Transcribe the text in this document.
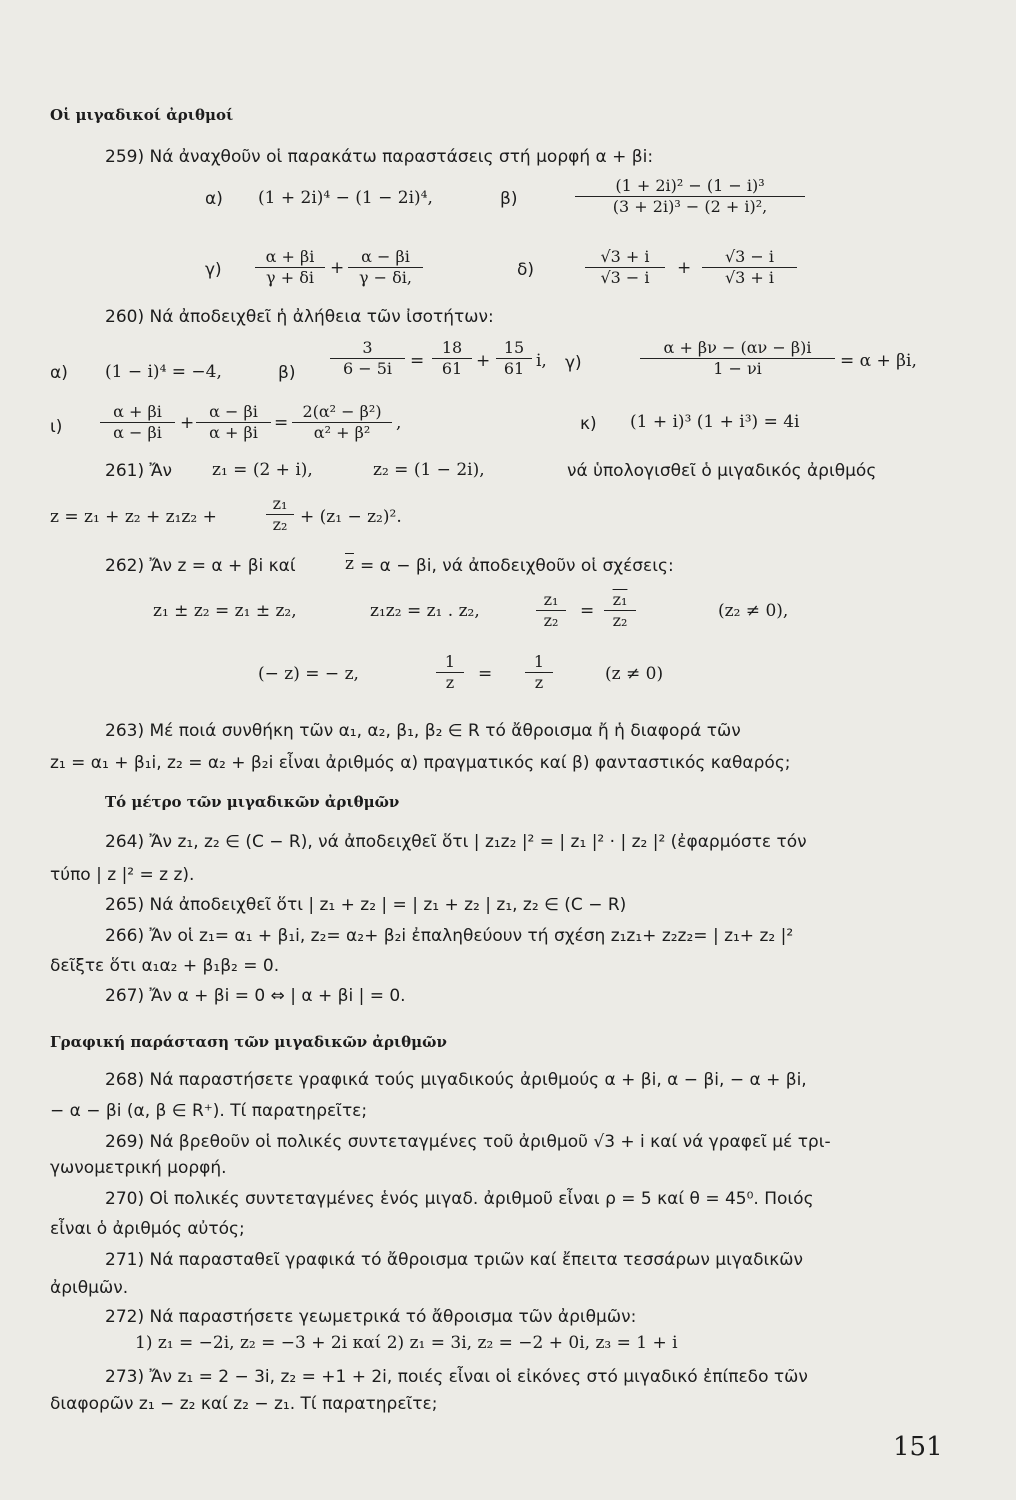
Οἱ μιγαδικοί ἀριθμοί
259) Νά ἀναχθοῦν οἱ παρακάτω παραστάσεις στή μορφή α + βi:
α) (1 + 2i)⁴ − (1 − 2i)⁴,	β)	$\frac{\text{(1 + 2i)² − (1 − i)³}}{\text{(3 + 2i)³ − (2 + i)²,}}$
$\gamma) \frac{\alpha + \beta i}{\gamma + \delta i} + \frac{\alpha - \beta i}{\gamma - \delta i,}$	δ)	$\frac{√3 + i}{√3 - i} + \frac{√3 - i}{√3 + i}$
260) Νά ἀποδειχθεῖ ἡ ἀλήθεια τῶν ἰσοτήτων:
α) (1 − i)⁴ = −4,	$\beta) \frac{3}{6 - 5i} = \frac{18}{61} + \frac{15}{61} i$, γ)	$\frac{\alpha + \beta\nu - (\alpha\nu - \beta)i}{1 - \nu i} = \alpha + \beta i$,
$\iota) \frac{\alpha + \beta i}{\alpha - \beta i} + \frac{\alpha - \beta i}{\alpha + \beta i} = \frac{\text{2(α² − β²)}}{\text{α² + β²}}$ ,	κ) (1 + i)³ (1 + i³) = 4i
261) Ἄν z₁ = (2 + i),	z₂ = (1 − 2i),	νά ὑπολογισθεῖ ὁ μιγαδικός ἀριθμός
z = z₁ + z₂ + z₁z₂ +	$\frac{\text{z₁}}{\text{z₂}} + (z_1 - z_2)^2$.
262) Ἄν z = α + βi καί	$\overline{z} = \alpha - \beta i$, νά ἀποδειχθοῦν οἱ σχέσεις:
z₁ ± z₂ = z₁ ± z₂,	z₁z₂ = z₁ . z₂,	$\frac{\text{z₁}}{\text{z₂}} = \frac{\text{z₁}}{\text{z₂}}$	(z₂ ≠ 0),
(− z) = − z,	$\frac{1}{z} = \frac{1}{z}$	(z ≠ 0)
263) Μέ ποιά συνθήκη τῶν α₁, α₂, β₁, β₂ ∈ R τό ἄθροισμα ἤ ἡ διαφορά τῶν
z₁ = α₁ + β₁i, z₂ = α₂ + β₂i εἶναι ἀριθμός α) πραγματικός καί β) φανταστικός καθαρός;
Τό μέτρο τῶν μιγαδικῶν ἀριθμῶν
264) Ἄν z₁, z₂ ∈ (C − R), νά ἀποδειχθεῖ ὅτι | z₁z₂ |² = | z₁ |² · | z₂ |² (ἐφαρμόστε τόν
τύπο | z |² = z z).
265) Νά ἀποδειχθεῖ ὅτι | z₁ + z₂ | = | z₁ + z₂ | z₁, z₂ ∈ (C − R)
266) Ἄν οἱ z₁= α₁ + β₁i, z₂= α₂+ β₂i ἐπαληθεύουν τή σχέση z₁z₁+ z₂z₂= | z₁+ z₂ |²
δεῖξτε ὅτι α₁α₂ + β₁β₂ = 0.
267) Ἄν α + βi = 0 ⇔ | α + βi | = 0.
Γραφική παράσταση τῶν μιγαδικῶν ἀριθμῶν
268) Νά παραστήσετε γραφικά τούς μιγαδικούς ἀριθμούς α + βi, α − βi, − α + βi,
− α − βi (α, β ∈ R⁺). Τί παρατηρεῖτε;
269) Νά βρεθοῦν οἱ πολικές συντεταγμένες τοῦ ἀριθμοῦ √3 + i καί νά γραφεῖ μέ τρι-
γωνομετρική μορφή.
270) Οἱ πολικές συντεταγμένες ἑνός μιγαδ. ἀριθμοῦ εἶναι ρ = 5 καί θ = 45⁰. Ποιός
εἶναι ὁ ἀριθμός αὐτός;
271) Νά παρασταθεῖ γραφικά τό ἄθροισμα τριῶν καί ἔπειτα τεσσάρων μιγαδικῶν
ἀριθμῶν.
272) Νά παραστήσετε γεωμετρικά τό ἄθροισμα τῶν ἀριθμῶν:
1) z₁ = −2i, z₂ = −3 + 2i καί 2) z₁ = 3i, z₂ = −2 + 0i, z₃ = 1 + i
273) Ἄν z₁ = 2 − 3i, z₂ = +1 + 2i, ποιές εἶναι οἱ εἰκόνες στό μιγαδικό ἐπίπεδο τῶν
διαφορῶν z₁ − z₂ καί z₂ − z₁. Τί παρατηρεῖτε;
151
